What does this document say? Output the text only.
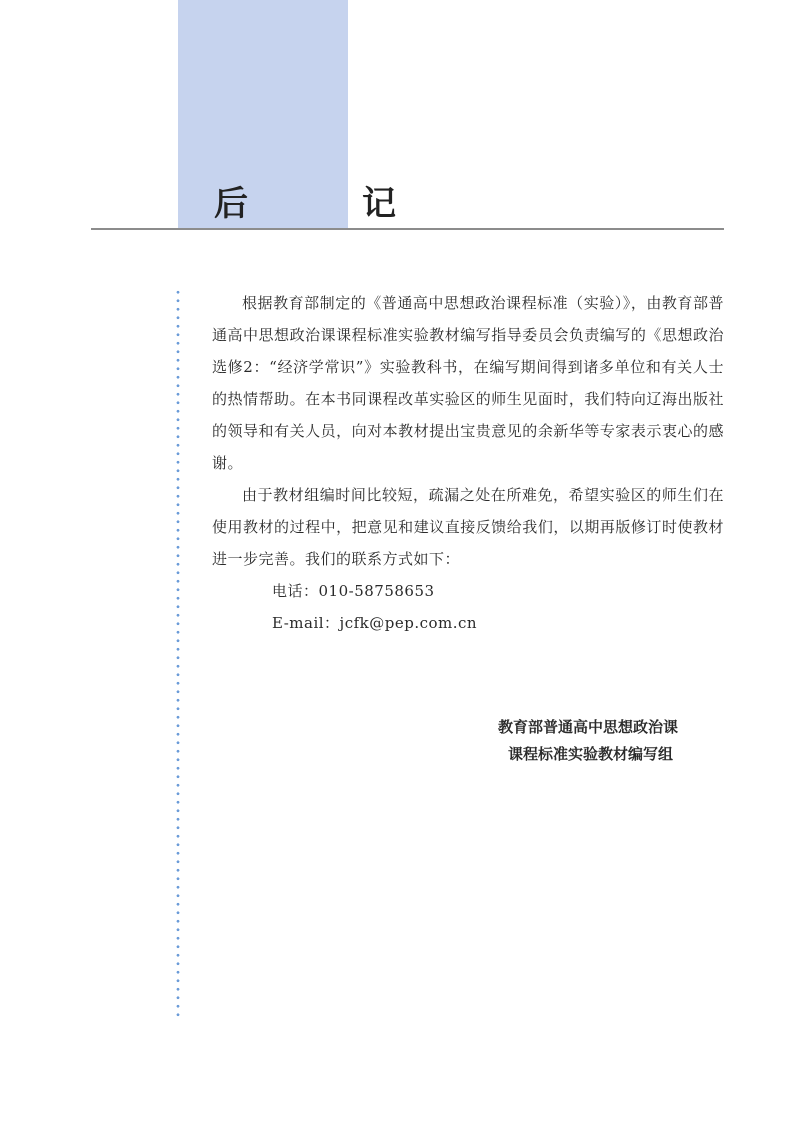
后　记

根据教育部制定的《普通高中思想政治课程标准（实验）》，由教育部普通高中思想政治课课程标准实验教材编写指导委员会负责编写的《思想政治选修2：“经济学常识”》实验教科书，在编写期间得到诸多单位和有关人士的热情帮助。在本书同课程改革实验区的师生见面时，我们特向辽海出版社的领导和有关人员，向对本教材提出宝贵意见的余新华等专家表示衷心的感谢。

由于教材组编时间比较短，疏漏之处在所难免，希望实验区的师生们在使用教材的过程中，把意见和建议直接反馈给我们，以期再版修订时使教材进一步完善。我们的联系方式如下：

电话：010-58758653

E-mail：jcfk@pep.com.cn

教育部普通高中思想政治课
课程标准实验教材编写组
